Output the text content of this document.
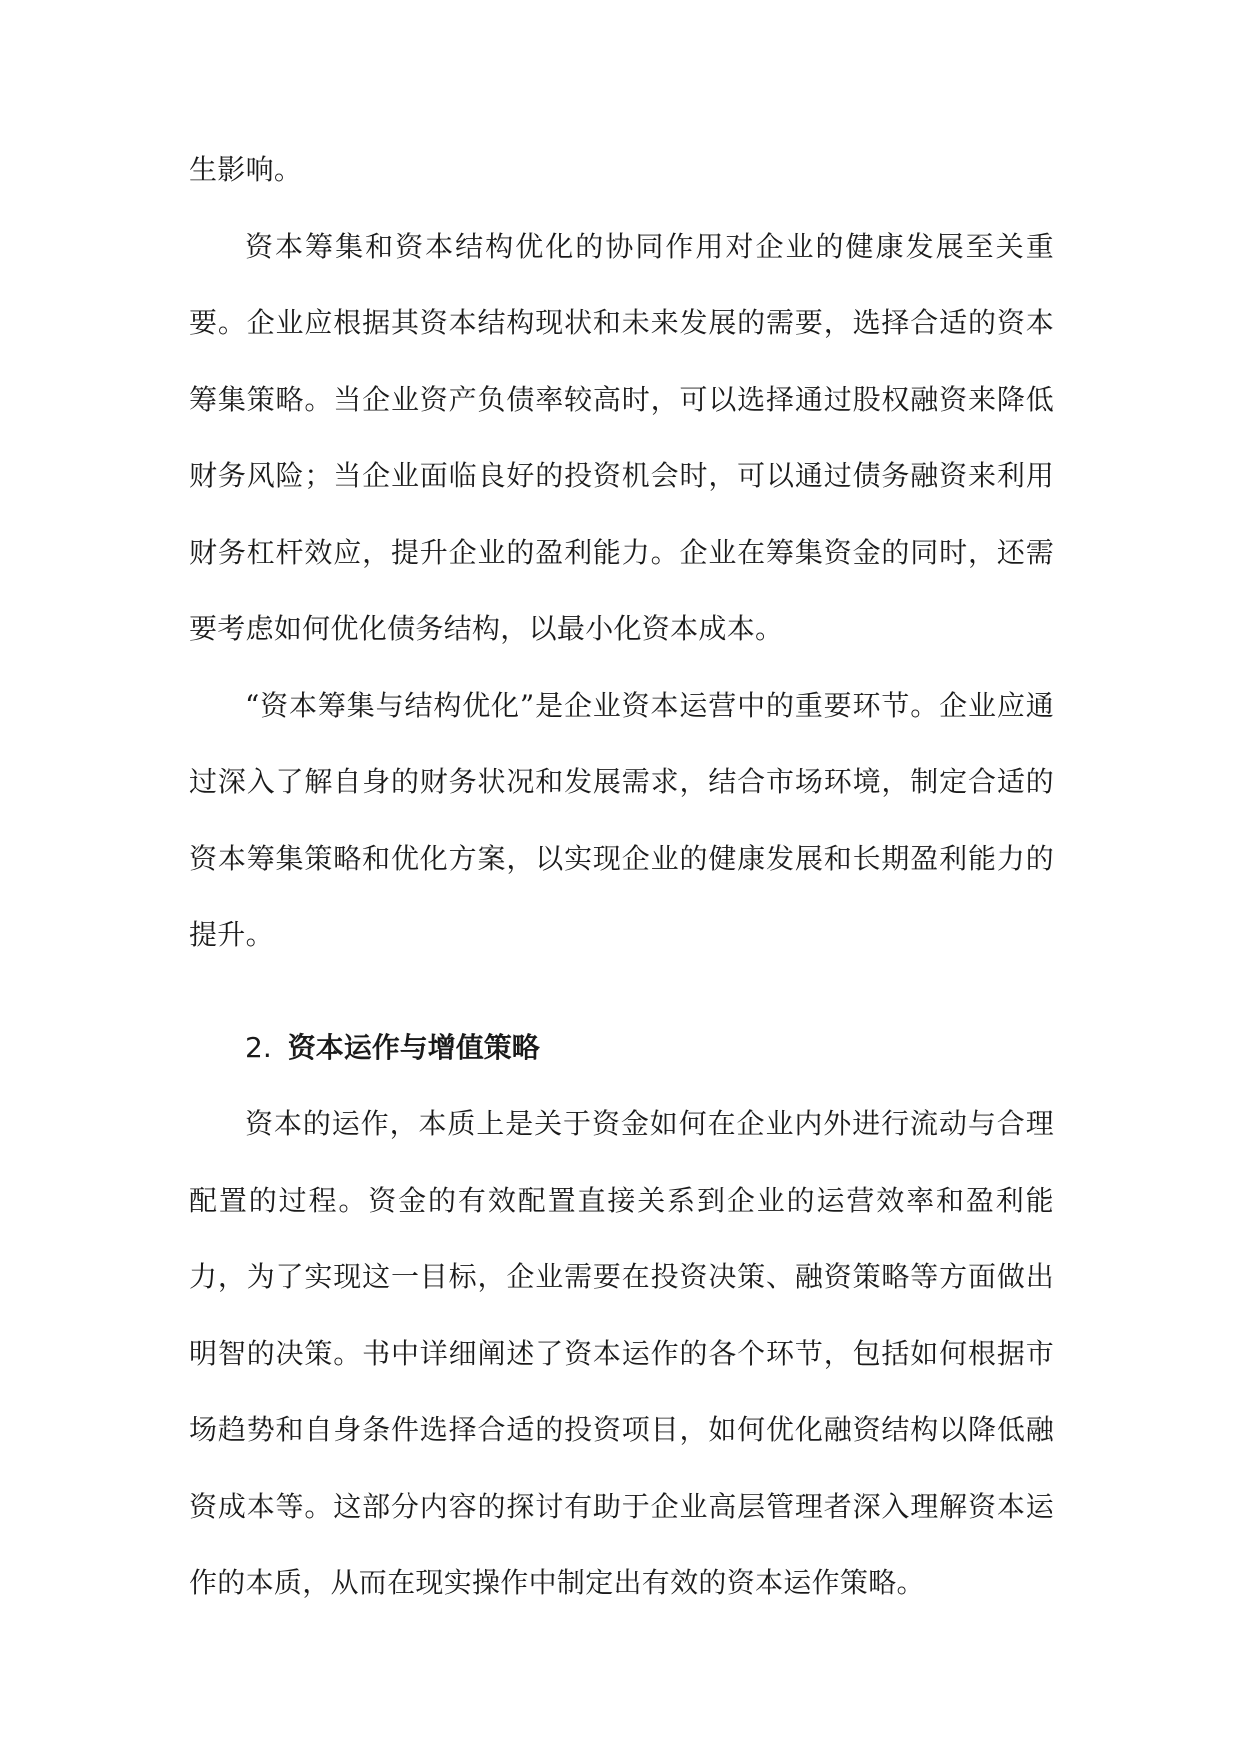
生影响。

资本筹集和资本结构优化的协同作用对企业的健康发展至关重要。企业应根据其资本结构现状和未来发展的需要，选择合适的资本筹集策略。当企业资产负债率较高时，可以选择通过股权融资来降低财务风险；当企业面临良好的投资机会时，可以通过债务融资来利用财务杠杆效应，提升企业的盈利能力。企业在筹集资金的同时，还需要考虑如何优化债务结构，以最小化资本成本。

“资本筹集与结构优化”是企业资本运营中的重要环节。企业应通过深入了解自身的财务状况和发展需求，结合市场环境，制定合适的资本筹集策略和优化方案，以实现企业的健康发展和长期盈利能力的提升。

2. 资本运作与增值策略

资本的运作，本质上是关于资金如何在企业内外进行流动与合理配置的过程。资金的有效配置直接关系到企业的运营效率和盈利能力，为了实现这一目标，企业需要在投资决策、融资策略等方面做出明智的决策。书中详细阐述了资本运作的各个环节，包括如何根据市场趋势和自身条件选择合适的投资项目，如何优化融资结构以降低融资成本等。这部分内容的探讨有助于企业高层管理者深入理解资本运作的本质，从而在现实操作中制定出有效的资本运作策略。
